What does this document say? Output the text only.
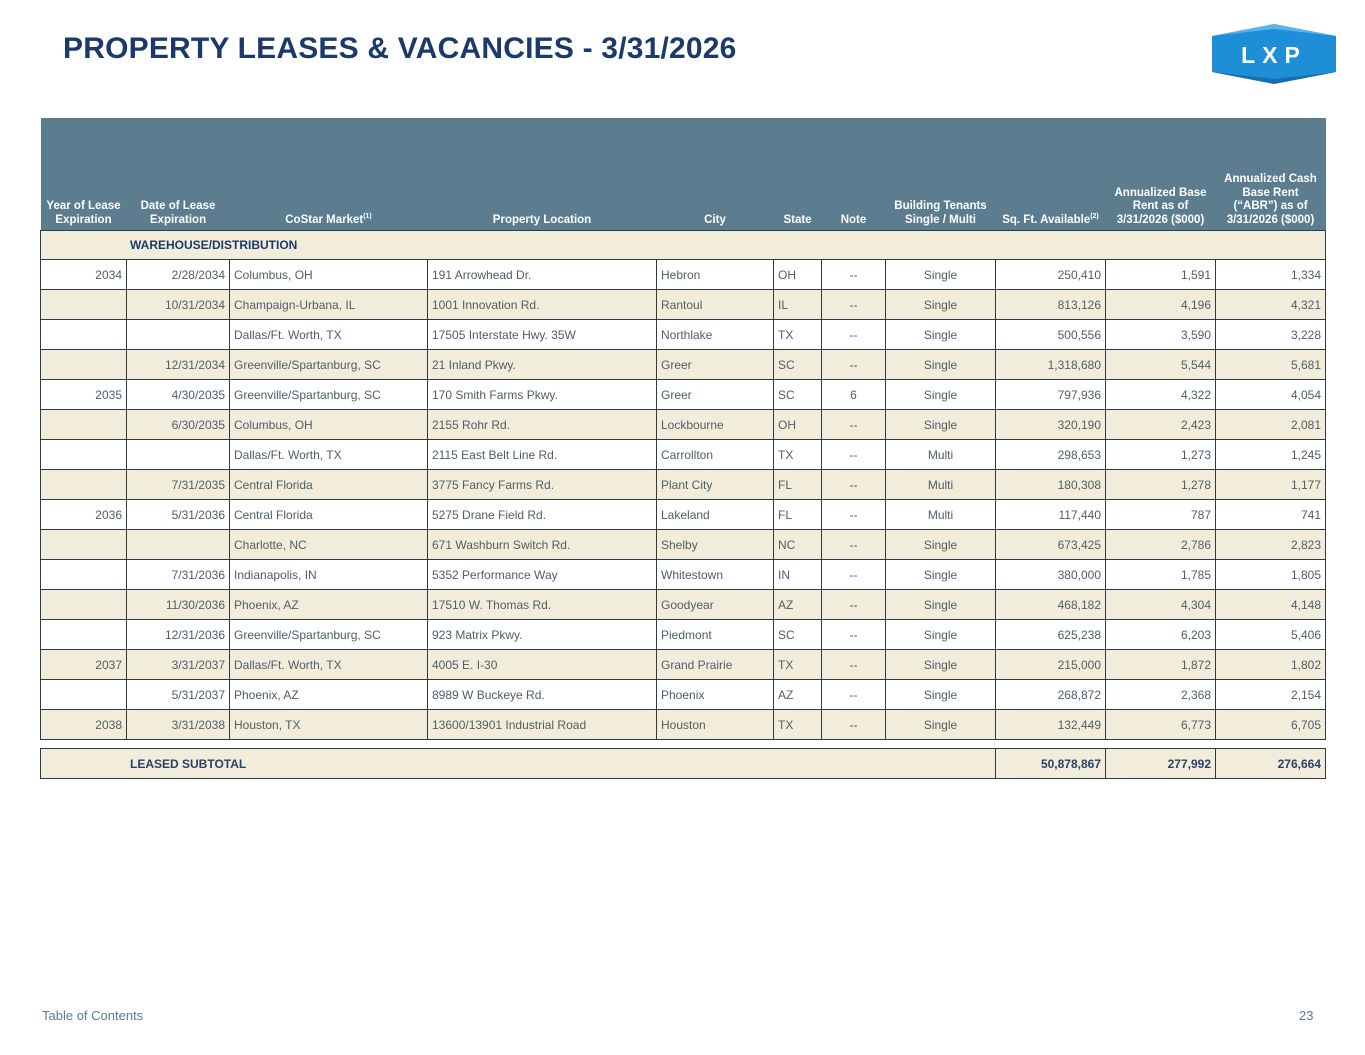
PROPERTY LEASES & VACANCIES - 3/31/2026	LXP
Year of Lease Expiration	Date of Lease Expiration	CoStar Market$^{(1)}$	Property Location	City	State	Note	Building Tenants Single / Multi	Sq. Ft. Available$^{(2)}$	Annualized Base Rent as of 3/31/2026 ($000)	Annualized Cash Base Rent (“ABR”) as of 3/31/2026 ($000)
WAREHOUSE/DISTRIBUTION										
2034	2/28/2034	Columbus, OH	191 Arrowhead Dr.	Hebron	OH	--	Single	250,410	1,591	1,334
	10/31/2034	Champaign-Urbana, IL	1001 Innovation Rd.	Rantoul	IL	--	Single	813,126	4,196	4,321
		Dallas/Ft. Worth, TX	17505 Interstate Hwy. 35W	Northlake	TX	--	Single	500,556	3,590	3,228
	12/31/2034	Greenville/Spartanburg, SC	21 Inland Pkwy.	Greer	SC	--	Single	1,318,680	5,544	5,681
2035	4/30/2035	Greenville/Spartanburg, SC	170 Smith Farms Pkwy.	Greer	SC	6	Single	797,936	4,322	4,054
	6/30/2035	Columbus, OH	2155 Rohr Rd.	Lockbourne	OH	--	Single	320,190	2,423	2,081
		Dallas/Ft. Worth, TX	2115 East Belt Line Rd.	Carrollton	TX	--	Multi	298,653	1,273	1,245
	7/31/2035	Central Florida	3775 Fancy Farms Rd.	Plant City	FL	--	Multi	180,308	1,278	1,177
2036	5/31/2036	Central Florida	5275 Drane Field Rd.	Lakeland	FL	--	Multi	117,440	787	741
		Charlotte, NC	671 Washburn Switch Rd.	Shelby	NC	--	Single	673,425	2,786	2,823
	7/31/2036	Indianapolis, IN	5352 Performance Way	Whitestown	IN	--	Single	380,000	1,785	1,805
	11/30/2036	Phoenix, AZ	17510 W. Thomas Rd.	Goodyear	AZ	--	Single	468,182	4,304	4,148
	12/31/2036	Greenville/Spartanburg, SC	923 Matrix Pkwy.	Piedmont	SC	--	Single	625,238	6,203	5,406
2037	3/31/2037	Dallas/Ft. Worth, TX	4005 E. I-30	Grand Prairie	TX	--	Single	215,000	1,872	1,802
	5/31/2037	Phoenix, AZ	8989 W Buckeye Rd.	Phoenix	AZ	--	Single	268,872	2,368	2,154
2038	3/31/2038	Houston, TX	13600/13901 Industrial Road	Houston	TX	--	Single	132,449	6,773	6,705

LEASED SUBTOTAL								50,878,867	277,992	276,664
Table of Contents	23
